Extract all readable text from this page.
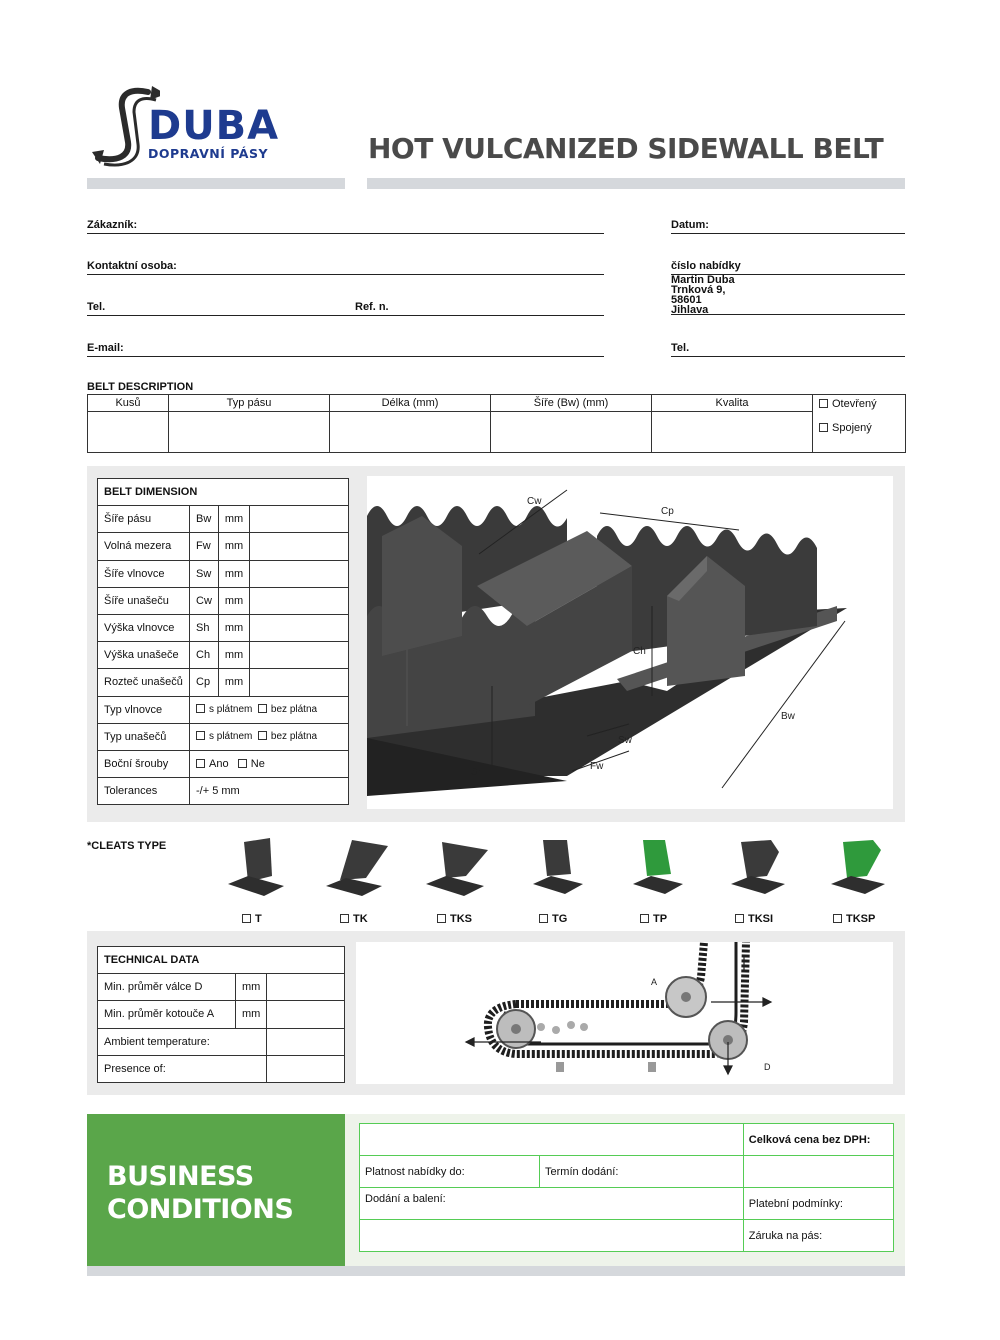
DUBA
DOPRAVNÍ PÁSY	HOT VULCANIZED SIDEWALL BELT
Zákazník:	Datum:
Kontaktní osoba:	číslo nabídky
Tel.	Ref. n.
Martin Duba
Trnková 9,
58601
Jihlava
E-mail:	Tel.
BELT DESCRIPTION
Kusů	Typ pásu	Délka (mm)	Šíře (Bw) (mm)	Kvalita	Otevřený
Spojený

BELT DIMENSION			
Šíře pásu	Bw	mm	
Volná mezera	Fw	mm	
Šíře vlnovce	Sw	mm	
Šíře unašeču	Cw	mm	
Výška vlnovce	Sh	mm	
Výška unašeče	Ch	mm	
Rozteč unašečů	Cp	mm	
Typ vlnovce	s plátnem bez plátna		
Typ unašečů	s plátnem bez plátna		
Boční šrouby	Ano Ne		
Tolerances	-/+ 5 mm		
Cw
Cp
Ch
Bw
Sw
Fw
Sh
*CLEATS TYPE
T	TK	TKS	TG	TP	TKSI	TKSP
TECHNICAL DATA		
Min. průměr válce D	mm	
Min. průměr kotouče A	mm	
Ambient temperature:		
Presence of:		
A
D
BUSINESS
CONDITIONS
		Celková cena bez DPH:
Platnost nabídky do:	Termín dodání:	
Dodání a balení:		Platební podmínky:
		Záruka na pás:
